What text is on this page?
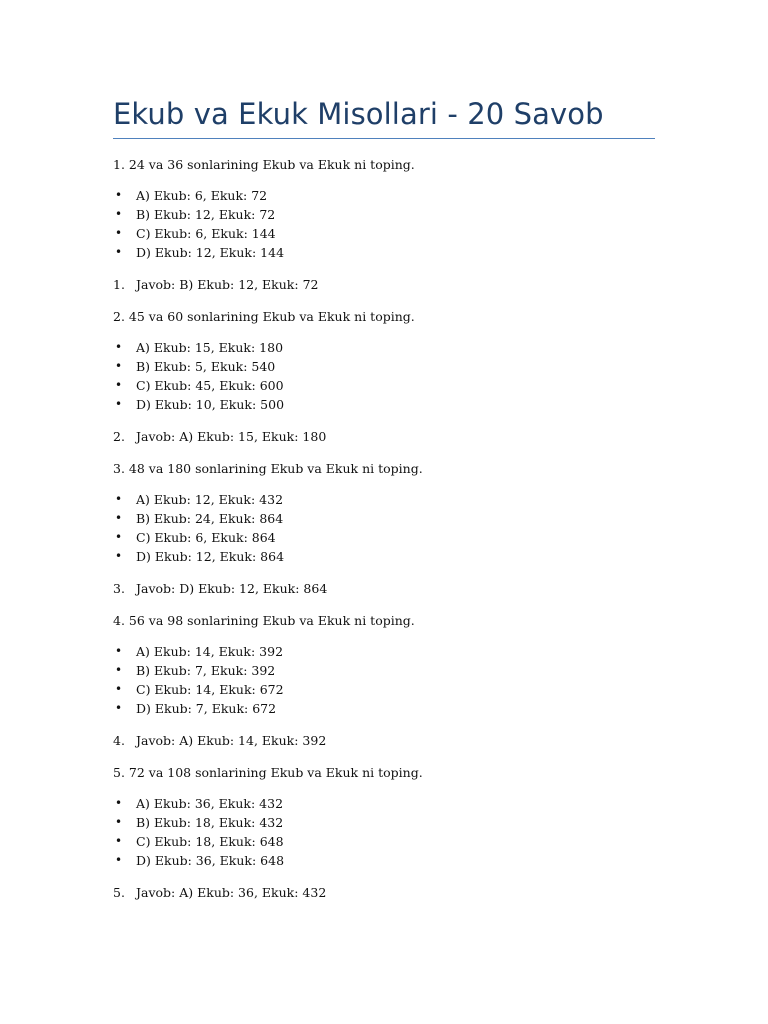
Ekub va Ekuk Misollari - 20 Savob

1. 24 va 36 sonlarining Ekub va Ekuk ni toping.

• A) Ekub: 6, Ekuk: 72
• B) Ekub: 12, Ekuk: 72
• C) Ekub: 6, Ekuk: 144
• D) Ekub: 12, Ekuk: 144
1. Javob: B) Ekub: 12, Ekuk: 72

2. 45 va 60 sonlarining Ekub va Ekuk ni toping.

• A) Ekub: 15, Ekuk: 180
• B) Ekub: 5, Ekuk: 540
• C) Ekub: 45, Ekuk: 600
• D) Ekub: 10, Ekuk: 500
2. Javob: A) Ekub: 15, Ekuk: 180

3. 48 va 180 sonlarining Ekub va Ekuk ni toping.

• A) Ekub: 12, Ekuk: 432
• B) Ekub: 24, Ekuk: 864
• C) Ekub: 6, Ekuk: 864
• D) Ekub: 12, Ekuk: 864
3. Javob: D) Ekub: 12, Ekuk: 864

4. 56 va 98 sonlarining Ekub va Ekuk ni toping.

• A) Ekub: 14, Ekuk: 392
• B) Ekub: 7, Ekuk: 392
• C) Ekub: 14, Ekuk: 672
• D) Ekub: 7, Ekuk: 672
4. Javob: A) Ekub: 14, Ekuk: 392

5. 72 va 108 sonlarining Ekub va Ekuk ni toping.

• A) Ekub: 36, Ekuk: 432
• B) Ekub: 18, Ekuk: 432
• C) Ekub: 18, Ekuk: 648
• D) Ekub: 36, Ekuk: 648
5. Javob: A) Ekub: 36, Ekuk: 432
